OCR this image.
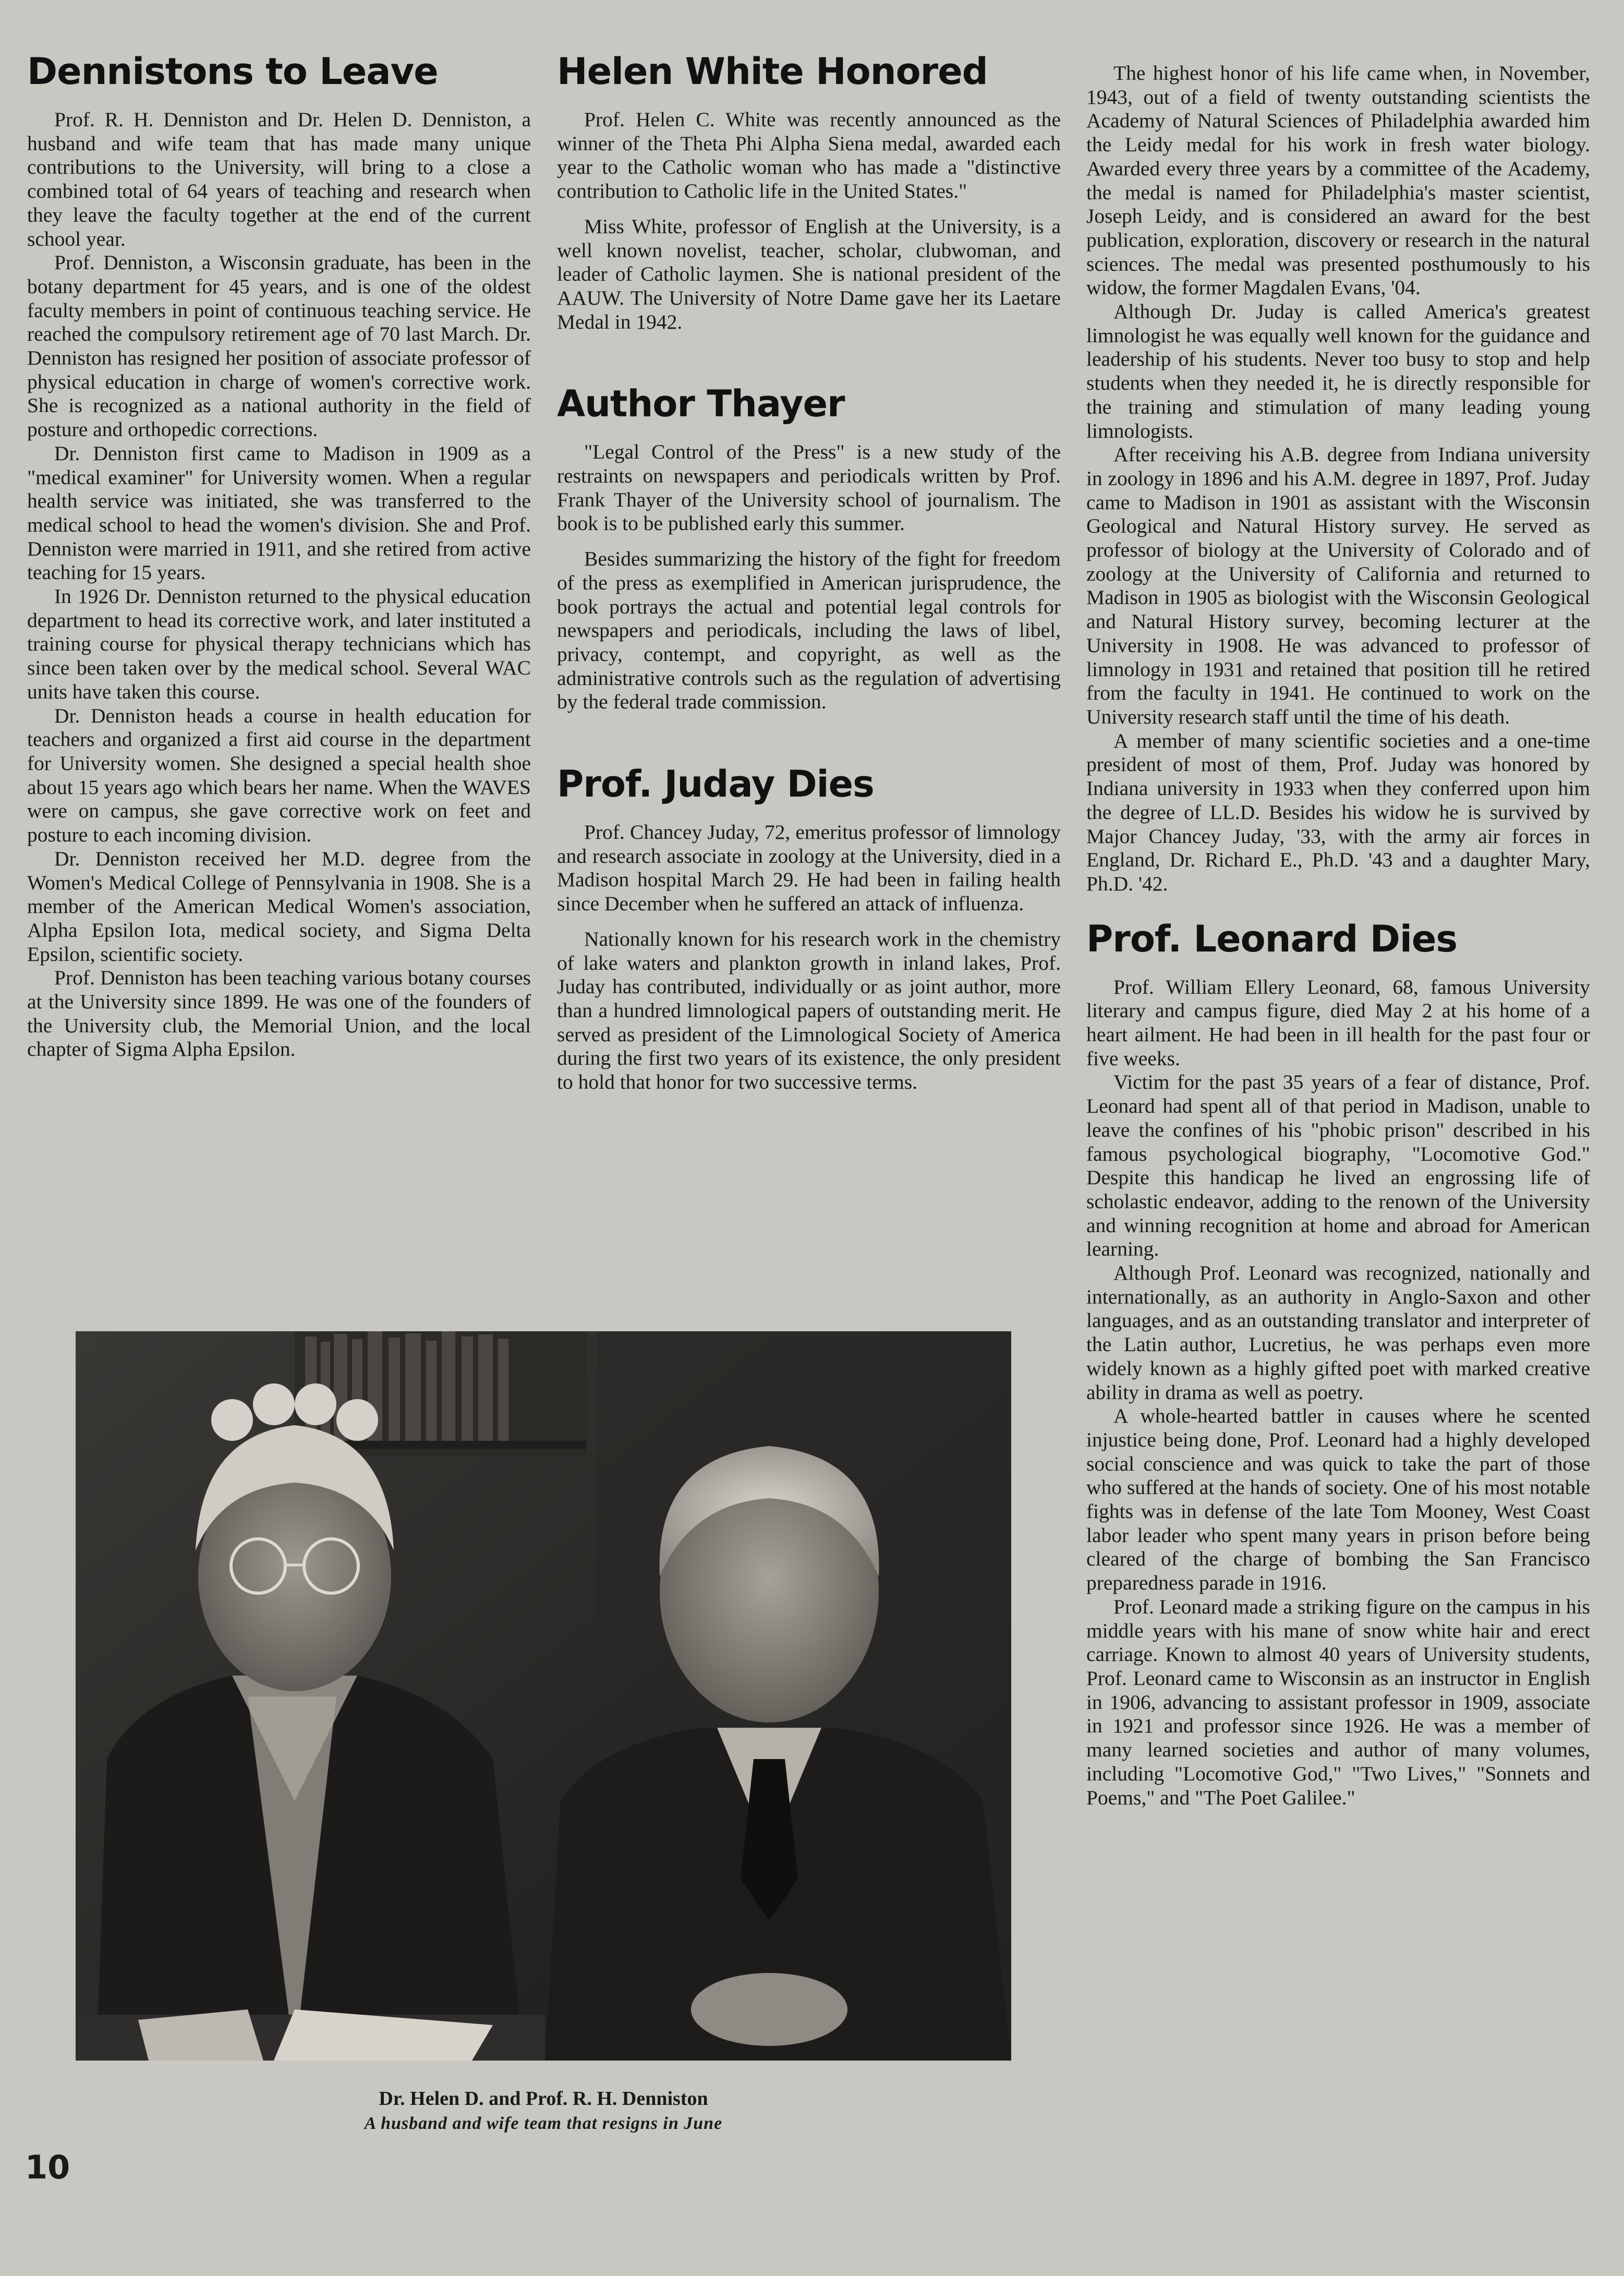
Dennistons to Leave

Prof. R. H. Denniston and Dr. Helen D. Denniston, a husband and wife team that has made many unique contributions to the University, will bring to a close a combined total of 64 years of teaching and research when they leave the faculty together at the end of the current school year.

Prof. Denniston, a Wisconsin graduate, has been in the botany department for 45 years, and is one of the oldest faculty members in point of continuous teaching service. He reached the compulsory retirement age of 70 last March. Dr. Denniston has resigned her position of associate professor of physical education in charge of women's corrective work. She is recognized as a national authority in the field of posture and orthopedic corrections.

Dr. Denniston first came to Madison in 1909 as a "medical examiner" for University women. When a regular health service was initiated, she was transferred to the medical school to head the women's division. She and Prof. Denniston were married in 1911, and she retired from active teaching for 15 years.

In 1926 Dr. Denniston returned to the physical education department to head its corrective work, and later instituted a training course for physical therapy technicians which has since been taken over by the medical school. Several WAC units have taken this course.

Dr. Denniston heads a course in health education for teachers and organized a first aid course in the department for University women. She designed a special health shoe about 15 years ago which bears her name. When the WAVES were on campus, she gave corrective work on feet and posture to each incoming division.

Dr. Denniston received her M.D. degree from the Women's Medical College of Pennsylvania in 1908. She is a member of the American Medical Women's association, Alpha Epsilon Iota, medical society, and Sigma Delta Epsilon, scientific society.

Prof. Denniston has been teaching various botany courses at the University since 1899. He was one of the founders of the University club, the Memorial Union, and the local chapter of Sigma Alpha Epsilon.

Helen White Honored

Prof. Helen C. White was recently announced as the winner of the Theta Phi Alpha Siena medal, awarded each year to the Catholic woman who has made a "distinctive contribution to Catholic life in the United States."

Miss White, professor of English at the University, is a well known novelist, teacher, scholar, clubwoman, and leader of Catholic laymen. She is national president of the AAUW. The University of Notre Dame gave her its Laetare Medal in 1942.

Author Thayer

"Legal Control of the Press" is a new study of the restraints on newspapers and periodicals written by Prof. Frank Thayer of the University school of journalism. The book is to be published early this summer.

Besides summarizing the history of the fight for freedom of the press as exemplified in American jurisprudence, the book portrays the actual and potential legal controls for newspapers and periodicals, including the laws of libel, privacy, contempt, and copyright, as well as the administrative controls such as the regulation of advertising by the federal trade commission.

Prof. Juday Dies

Prof. Chancey Juday, 72, emeritus professor of limnology and research associate in zoology at the University, died in a Madison hospital March 29. He had been in failing health since December when he suffered an attack of influenza.

Nationally known for his research work in the chemistry of lake waters and plankton growth in inland lakes, Prof. Juday has contributed, individually or as joint author, more than a hundred limnological papers of outstanding merit. He served as president of the Limnological Society of America during the first two years of its existence, the only president to hold that honor for two successive terms.

The highest honor of his life came when, in November, 1943, out of a field of twenty outstanding scientists the Academy of Natural Sciences of Philadelphia awarded him the Leidy medal for his work in fresh water biology. Awarded every three years by a committee of the Academy, the medal is named for Philadelphia's master scientist, Joseph Leidy, and is considered an award for the best publication, exploration, discovery or research in the natural sciences. The medal was presented posthumously to his widow, the former Magdalen Evans, '04.

Although Dr. Juday is called America's greatest limnologist he was equally well known for the guidance and leadership of his students. Never too busy to stop and help students when they needed it, he is directly responsible for the training and stimulation of many leading young limnologists.

After receiving his A.B. degree from Indiana university in zoology in 1896 and his A.M. degree in 1897, Prof. Juday came to Madison in 1901 as assistant with the Wisconsin Geological and Natural History survey. He served as professor of biology at the University of Colorado and of zoology at the University of California and returned to Madison in 1905 as biologist with the Wisconsin Geological and Natural History survey, becoming lecturer at the University in 1908. He was advanced to professor of limnology in 1931 and retained that position till he retired from the faculty in 1941. He continued to work on the University research staff until the time of his death.

A member of many scientific societies and a one-time president of most of them, Prof. Juday was honored by Indiana university in 1933 when they conferred upon him the degree of LL.D. Besides his widow he is survived by Major Chancey Juday, '33, with the army air forces in England, Dr. Richard E., Ph.D. '43 and a daughter Mary, Ph.D. '42.

Prof. Leonard Dies

Prof. William Ellery Leonard, 68, famous University literary and campus figure, died May 2 at his home of a heart ailment. He had been in ill health for the past four or five weeks.

Victim for the past 35 years of a fear of distance, Prof. Leonard had spent all of that period in Madison, unable to leave the confines of his "phobic prison" described in his famous psychological biography, "Locomotive God." Despite this handicap he lived an engrossing life of scholastic endeavor, adding to the renown of the University and winning recognition at home and abroad for American learning.

Although Prof. Leonard was recognized, nationally and internationally, as an authority in Anglo-Saxon and other languages, and as an outstanding translator and interpreter of the Latin author, Lucretius, he was perhaps even more widely known as a highly gifted poet with marked creative ability in drama as well as poetry.

A whole-hearted battler in causes where he scented injustice being done, Prof. Leonard had a highly developed social conscience and was quick to take the part of those who suffered at the hands of society. One of his most notable fights was in defense of the late Tom Mooney, West Coast labor leader who spent many years in prison before being cleared of the charge of bombing the San Francisco preparedness parade in 1916.

Prof. Leonard made a striking figure on the campus in his middle years with his mane of snow white hair and erect carriage. Known to almost 40 years of University students, Prof. Leonard came to Wisconsin as an instructor in English in 1906, advancing to assistant professor in 1909, associate in 1921 and professor since 1926. He was a member of many learned societies and author of many volumes, including "Locomotive God," "Two Lives," "Sonnets and Poems," and "The Poet Galilee."

Dr. Helen D. and Prof. R. H. Denniston
A husband and wife team that resigns in June
10
